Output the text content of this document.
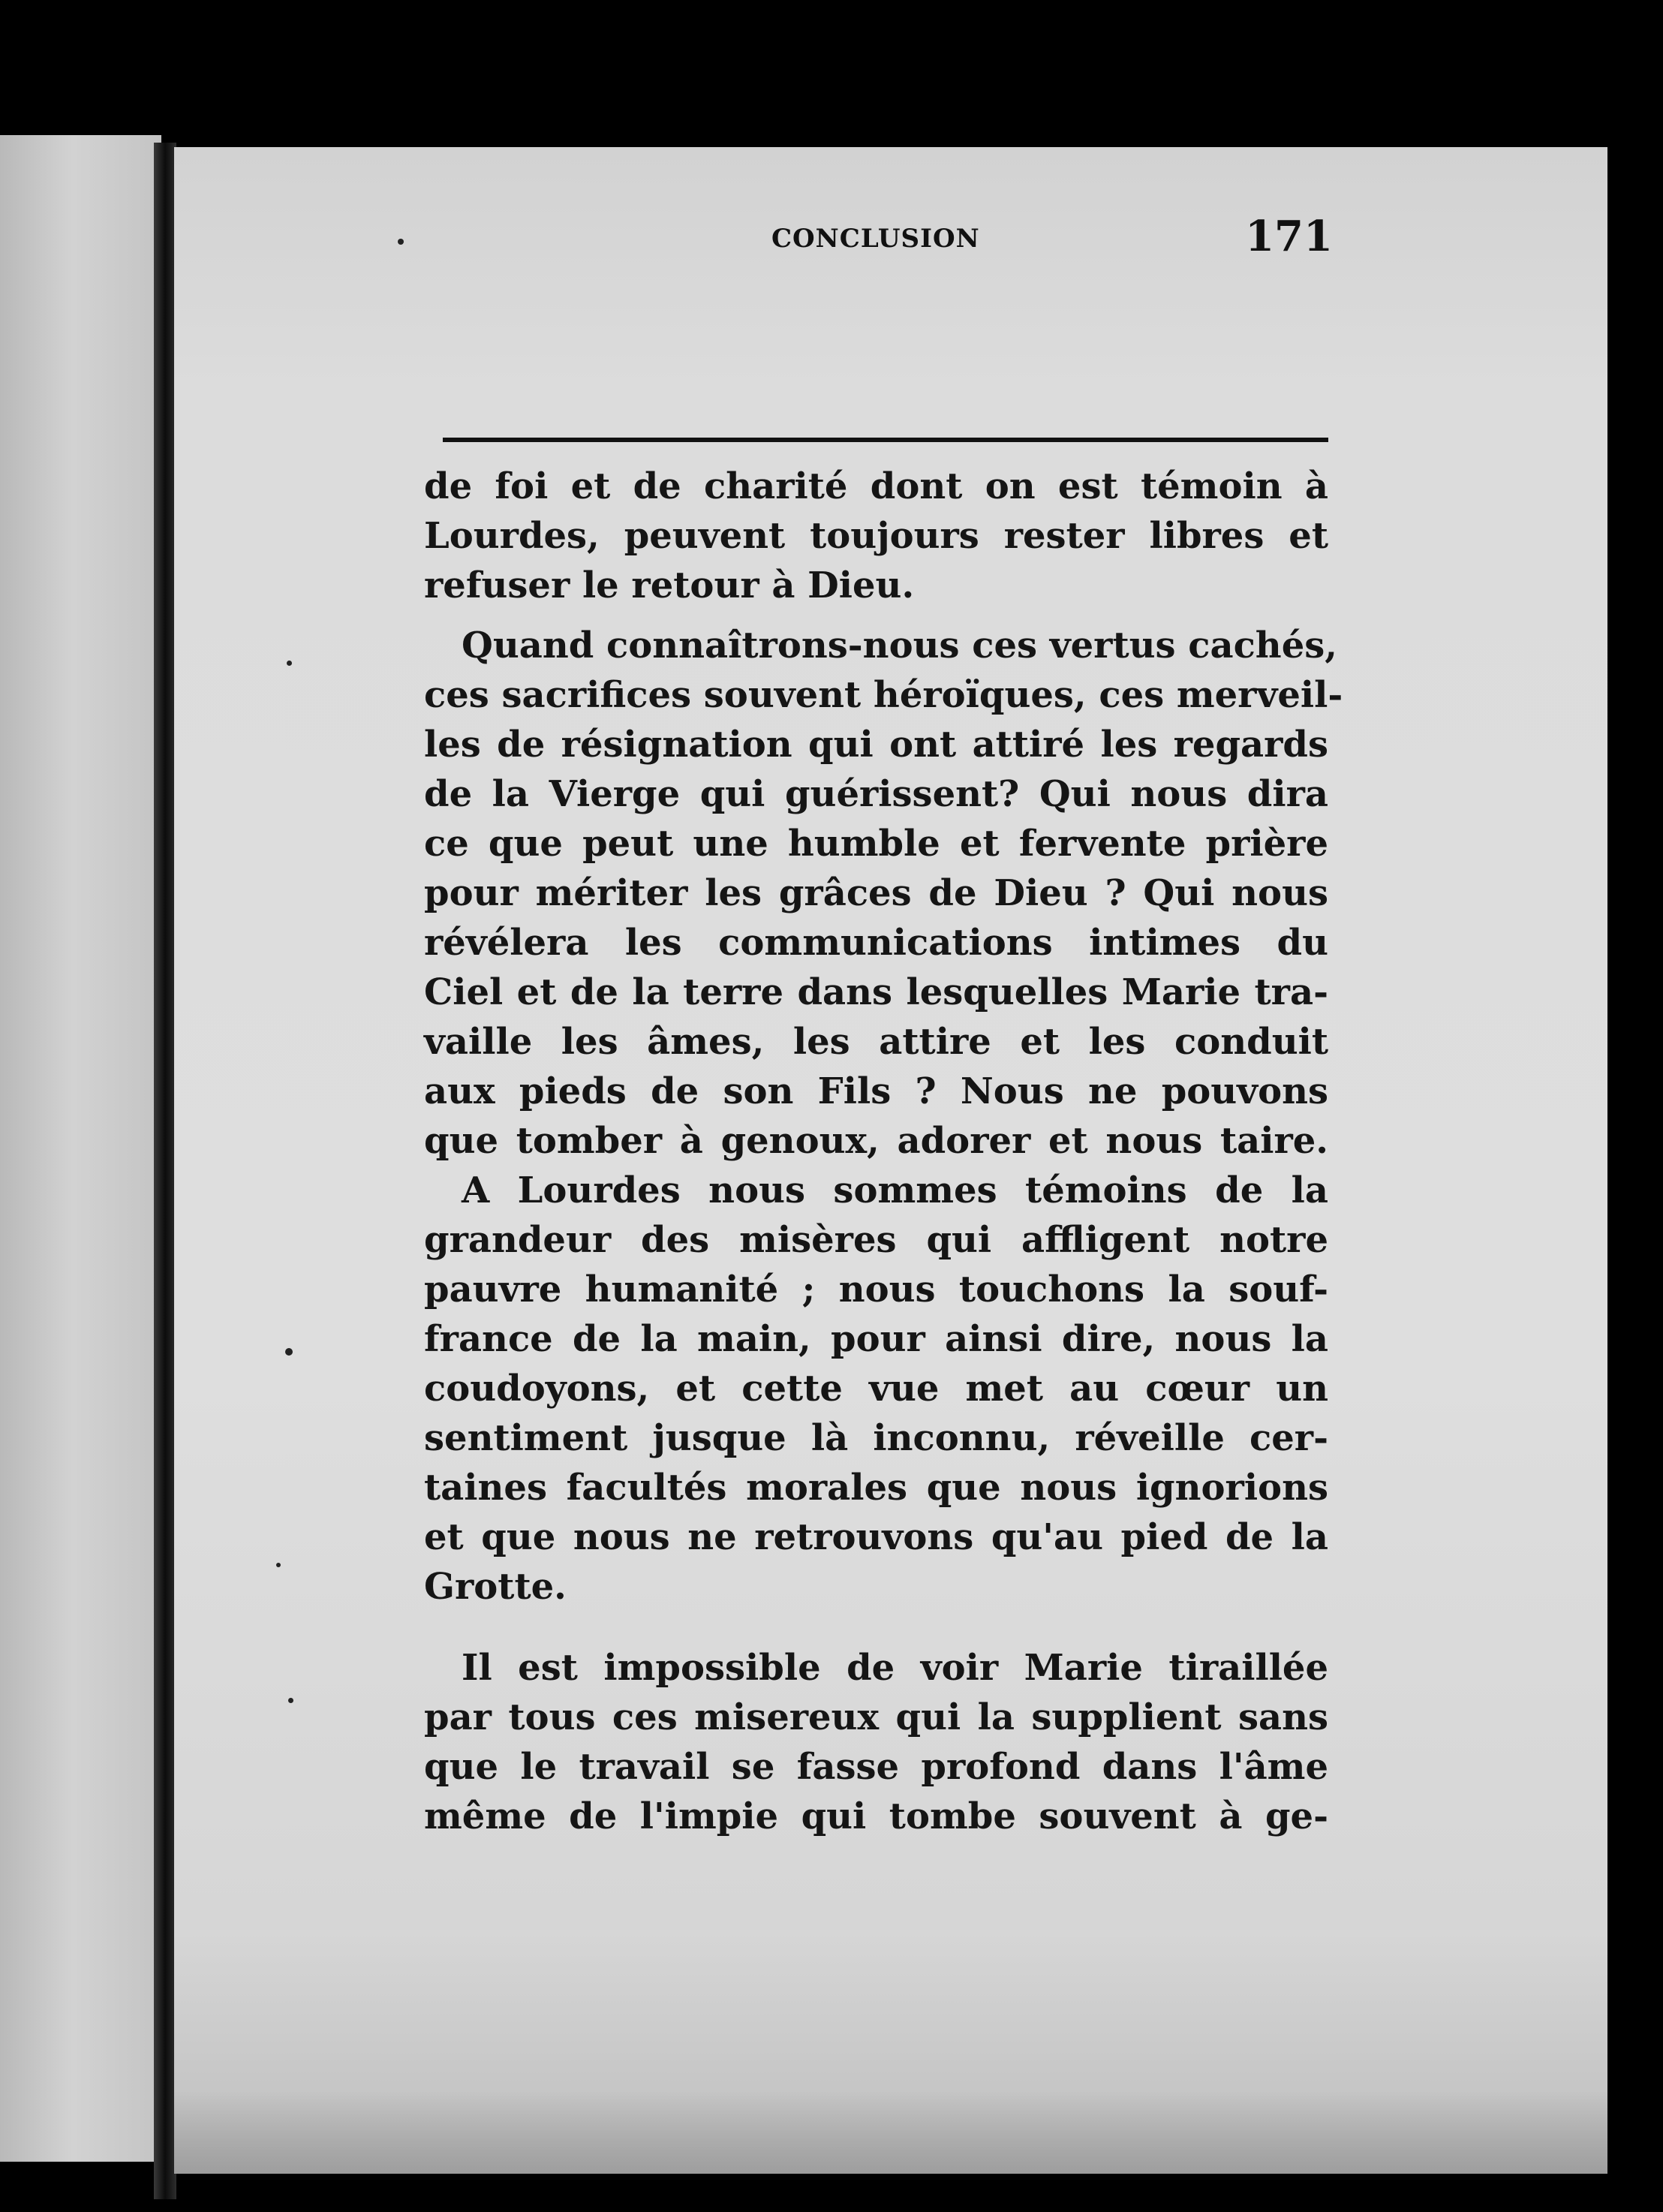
CONCLUSION	171
de foi et de charité dont on est témoin à
Lourdes, peuvent toujours rester libres et
refuser le retour à Dieu.
Quand connaîtrons-nous ces vertus cachés,
ces sacrifices souvent héroïques, ces merveil-
les de résignation qui ont attiré les regards
de la Vierge qui guérissent? Qui nous dira
ce que peut une humble et fervente prière
pour mériter les grâces de Dieu ? Qui nous
révélera les communications intimes du
Ciel et de la terre dans lesquelles Marie tra-
vaille les âmes, les attire et les conduit
aux pieds de son Fils ? Nous ne pouvons
que tomber à genoux, adorer et nous taire.
A Lourdes nous sommes témoins de la
grandeur des misères qui affligent notre
pauvre humanité ; nous touchons la souf-
france de la main, pour ainsi dire, nous la
coudoyons, et cette vue met au cœur un
sentiment jusque là inconnu, réveille cer-
taines facultés morales que nous ignorions
et que nous ne retrouvons qu'au pied de la
Grotte.
Il est impossible de voir Marie tiraillée
par tous ces misereux qui la supplient sans
que le travail se fasse profond dans l'âme
même de l'impie qui tombe souvent à ge-
